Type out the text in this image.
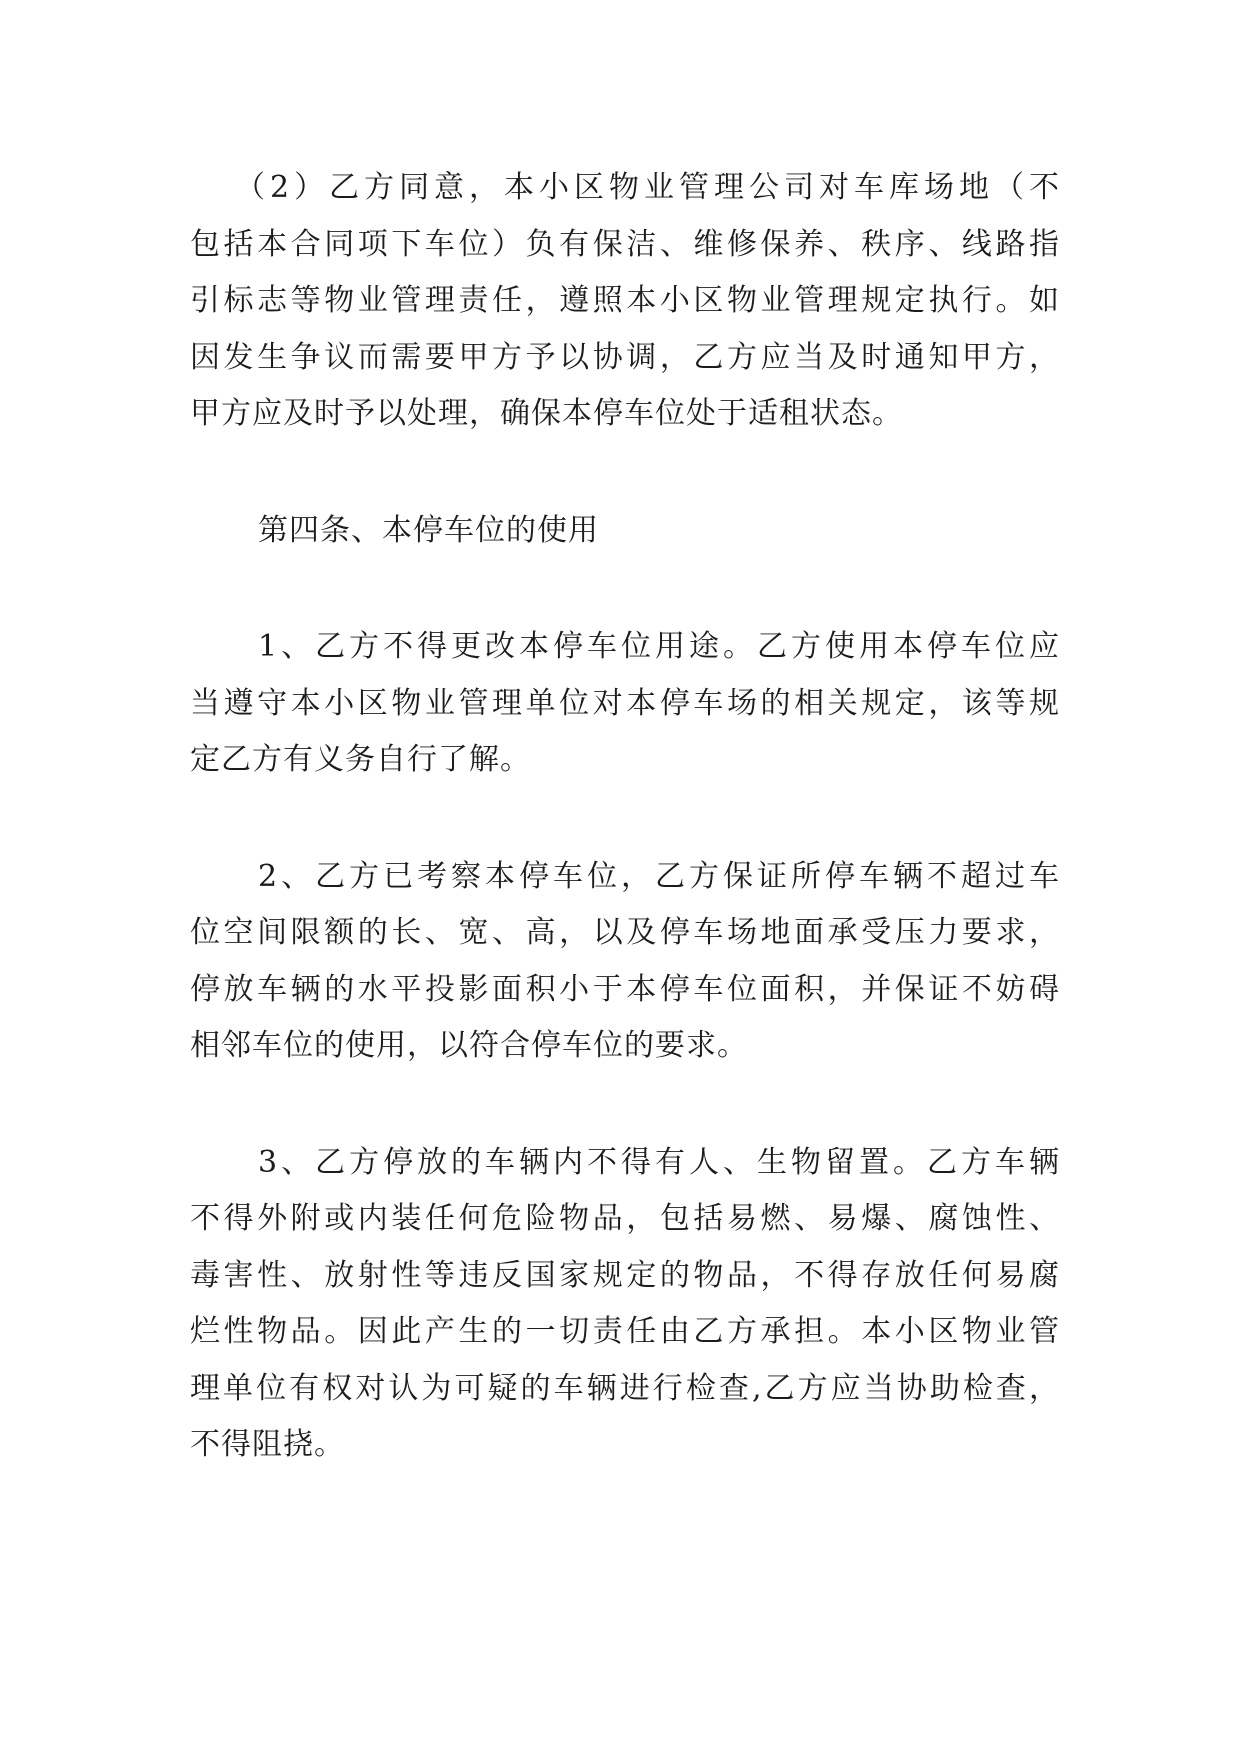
（2）乙方同意，本小区物业管理公司对车库场地（不
包括本合同项下车位）负有保洁、维修保养、秩序、线路指
引标志等物业管理责任，遵照本小区物业管理规定执行。如
因发生争议而需要甲方予以协调，乙方应当及时通知甲方，
甲方应及时予以处理，确保本停车位处于适租状态。
第四条、本停车位的使用
1、乙方不得更改本停车位用途。乙方使用本停车位应
当遵守本小区物业管理单位对本停车场的相关规定，该等规
定乙方有义务自行了解。
2、乙方已考察本停车位，乙方保证所停车辆不超过车
位空间限额的长、宽、高，以及停车场地面承受压力要求，
停放车辆的水平投影面积小于本停车位面积，并保证不妨碍
相邻车位的使用，以符合停车位的要求。
3、乙方停放的车辆内不得有人、生物留置。乙方车辆
不得外附或内装任何危险物品，包括易燃、易爆、腐蚀性、
毒害性、放射性等违反国家规定的物品，不得存放任何易腐
烂性物品。因此产生的一切责任由乙方承担。本小区物业管
理单位有权对认为可疑的车辆进行检查,乙方应当协助检查，
不得阻挠。
